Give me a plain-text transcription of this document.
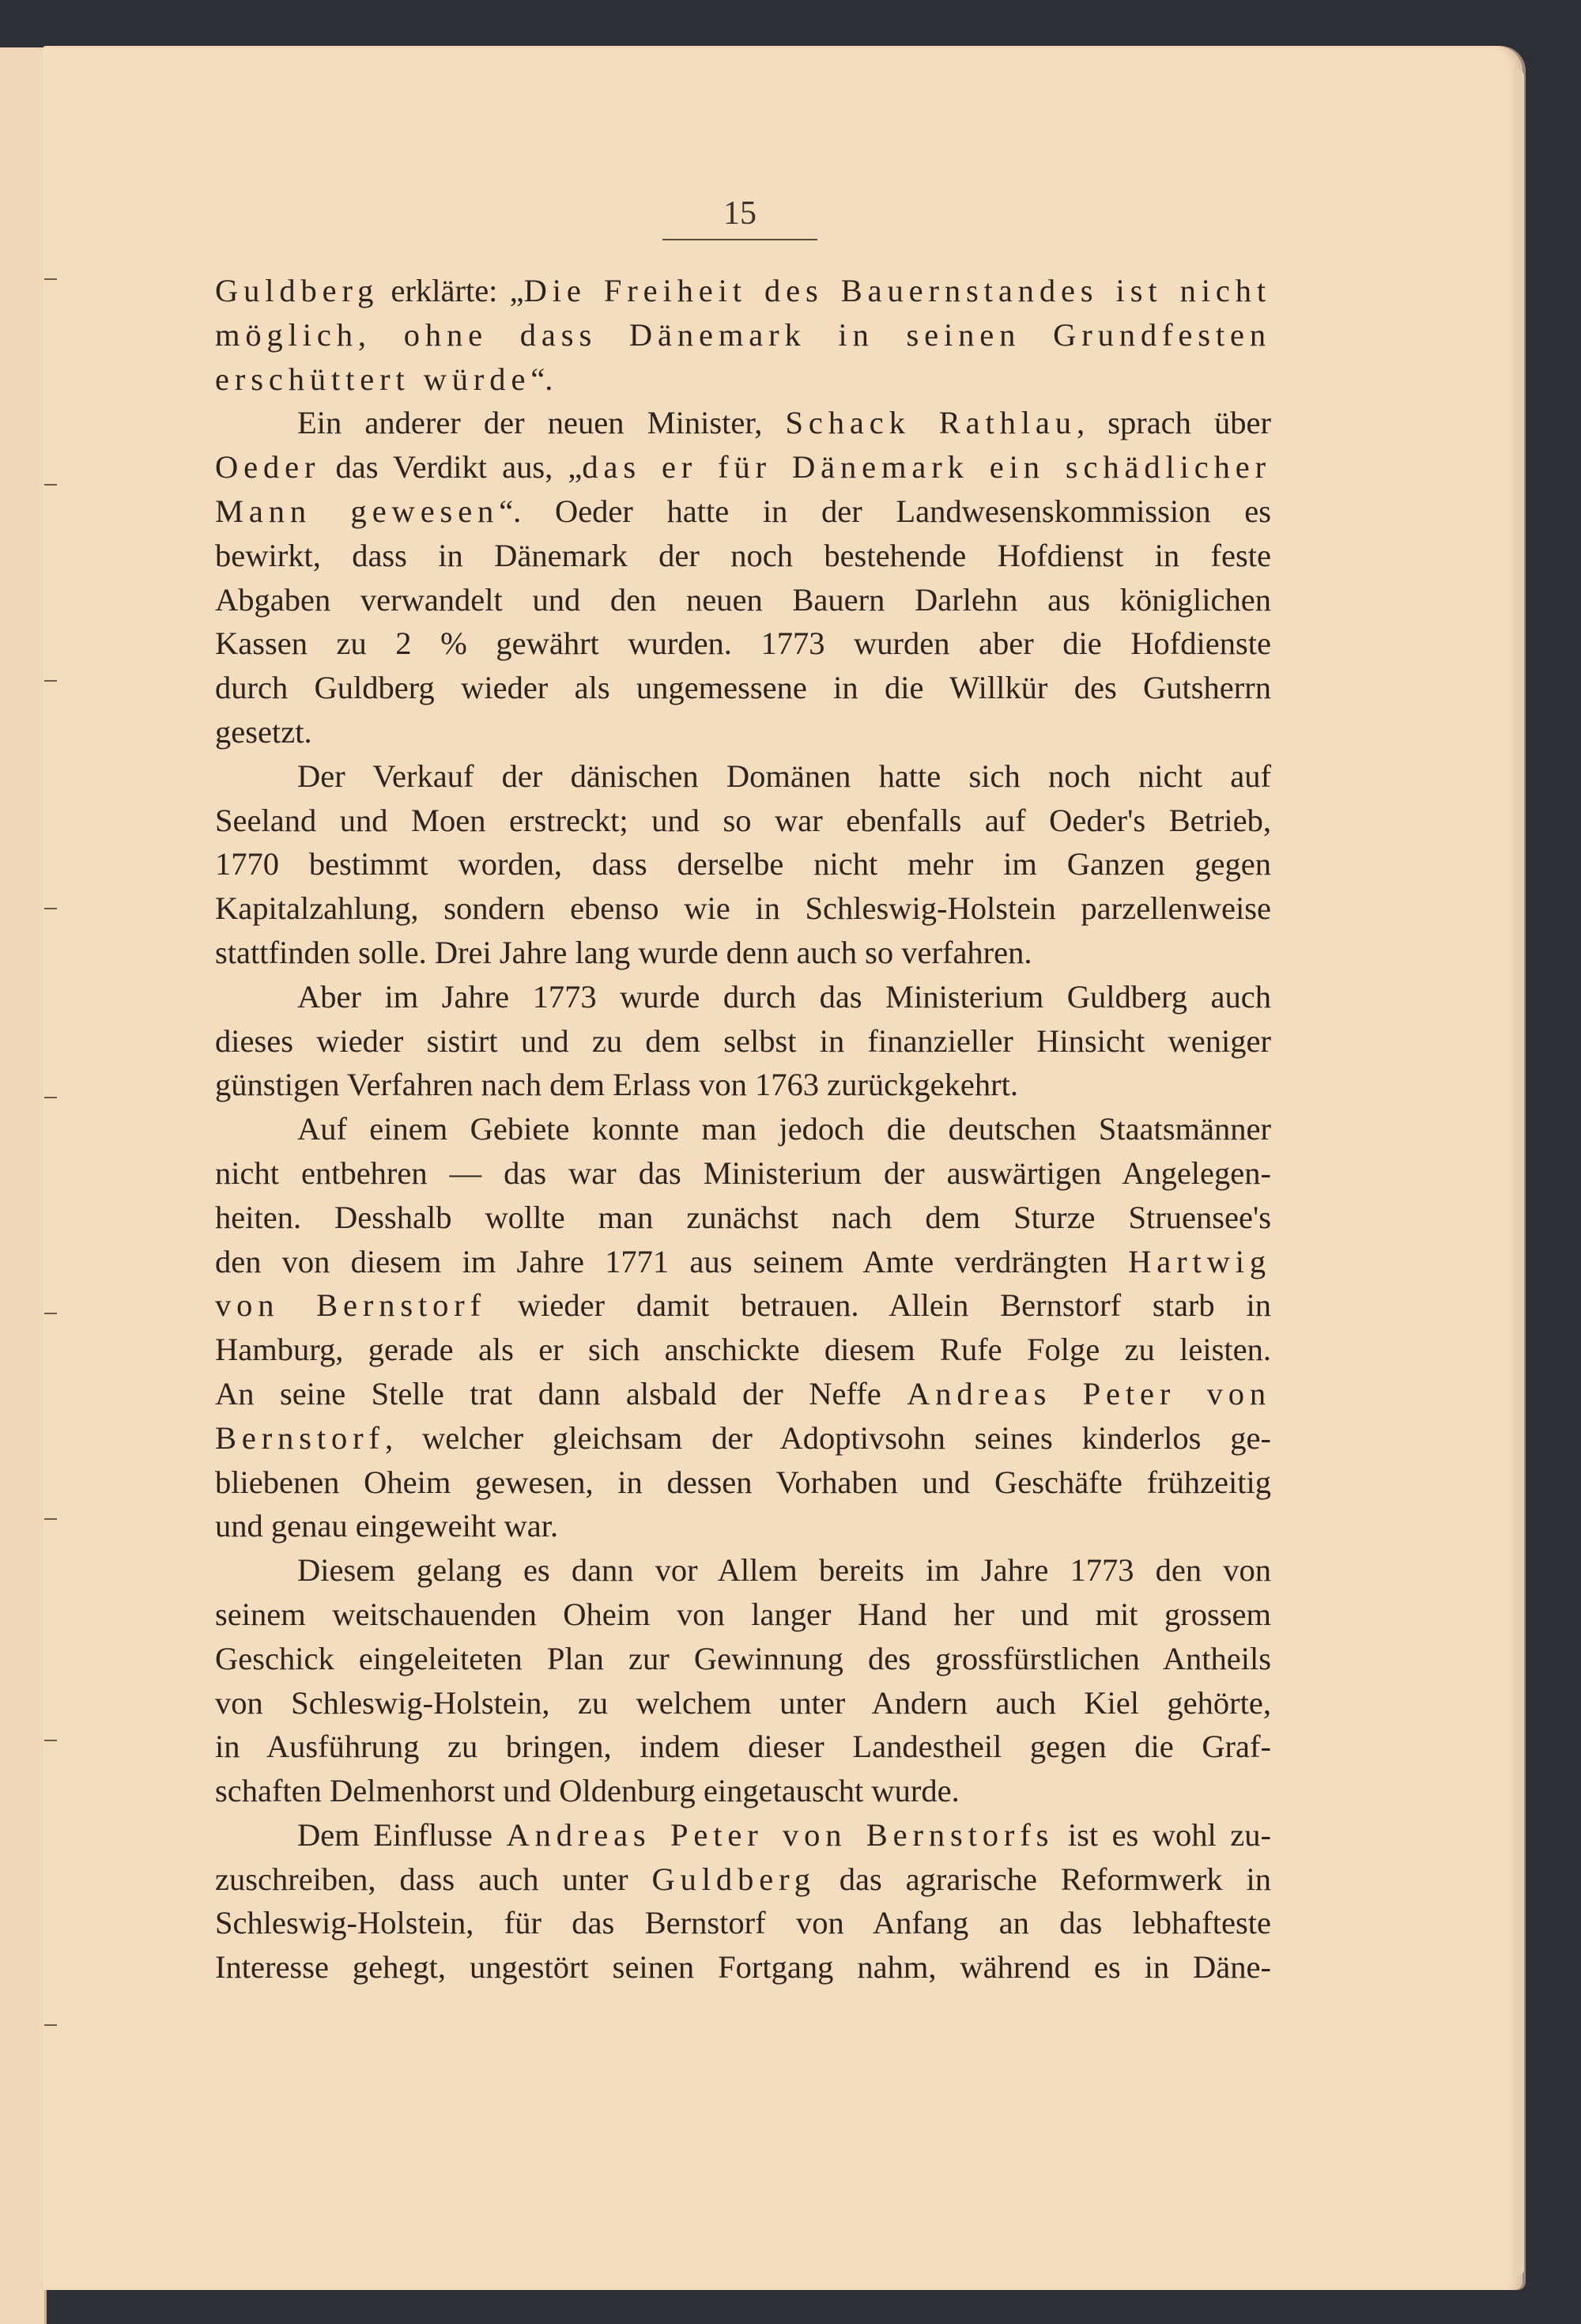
15
Guldberg erklärte: „Die Freiheit des Bauernstandes ist nicht
möglich, ohne dass Dänemark in seinen Grundfesten
erschüttert würde“.
Ein anderer der neuen Minister, Schack Rathlau, sprach über
Oeder das Verdikt aus, „das er für Dänemark ein schädlicher
Mann gewesen“. Oeder hatte in der Landwesenskommission es
bewirkt, dass in Dänemark der noch bestehende Hofdienst in feste
Abgaben verwandelt und den neuen Bauern Darlehn aus königlichen
Kassen zu 2 % gewährt wurden. 1773 wurden aber die Hofdienste
durch Guldberg wieder als ungemessene in die Willkür des Gutsherrn
gesetzt.
Der Verkauf der dänischen Domänen hatte sich noch nicht auf
Seeland und Moen erstreckt; und so war ebenfalls auf Oeder's Betrieb,
1770 bestimmt worden, dass derselbe nicht mehr im Ganzen gegen
Kapitalzahlung, sondern ebenso wie in Schleswig-Holstein parzellenweise
stattfinden solle. Drei Jahre lang wurde denn auch so verfahren.
Aber im Jahre 1773 wurde durch das Ministerium Guldberg auch
dieses wieder sistirt und zu dem selbst in finanzieller Hinsicht weniger
günstigen Verfahren nach dem Erlass von 1763 zurückgekehrt.
Auf einem Gebiete konnte man jedoch die deutschen Staatsmänner
nicht entbehren — das war das Ministerium der auswärtigen Angelegen-
heiten. Desshalb wollte man zunächst nach dem Sturze Struensee's
den von diesem im Jahre 1771 aus seinem Amte verdrängten Hartwig
von Bernstorf wieder damit betrauen. Allein Bernstorf starb in
Hamburg, gerade als er sich anschickte diesem Rufe Folge zu leisten.
An seine Stelle trat dann alsbald der Neffe Andreas Peter von
Bernstorf, welcher gleichsam der Adoptivsohn seines kinderlos ge-
bliebenen Oheim gewesen, in dessen Vorhaben und Geschäfte frühzeitig
und genau eingeweiht war.
Diesem gelang es dann vor Allem bereits im Jahre 1773 den von
seinem weitschauenden Oheim von langer Hand her und mit grossem
Geschick eingeleiteten Plan zur Gewinnung des grossfürstlichen Antheils
von Schleswig-Holstein, zu welchem unter Andern auch Kiel gehörte,
in Ausführung zu bringen, indem dieser Landestheil gegen die Graf-
schaften Delmenhorst und Oldenburg eingetauscht wurde.
Dem Einflusse Andreas Peter von Bernstorfs ist es wohl zu-
zuschreiben, dass auch unter Guldberg das agrarische Reformwerk in
Schleswig-Holstein, für das Bernstorf von Anfang an das lebhafteste
Interesse gehegt, ungestört seinen Fortgang nahm, während es in Däne-
